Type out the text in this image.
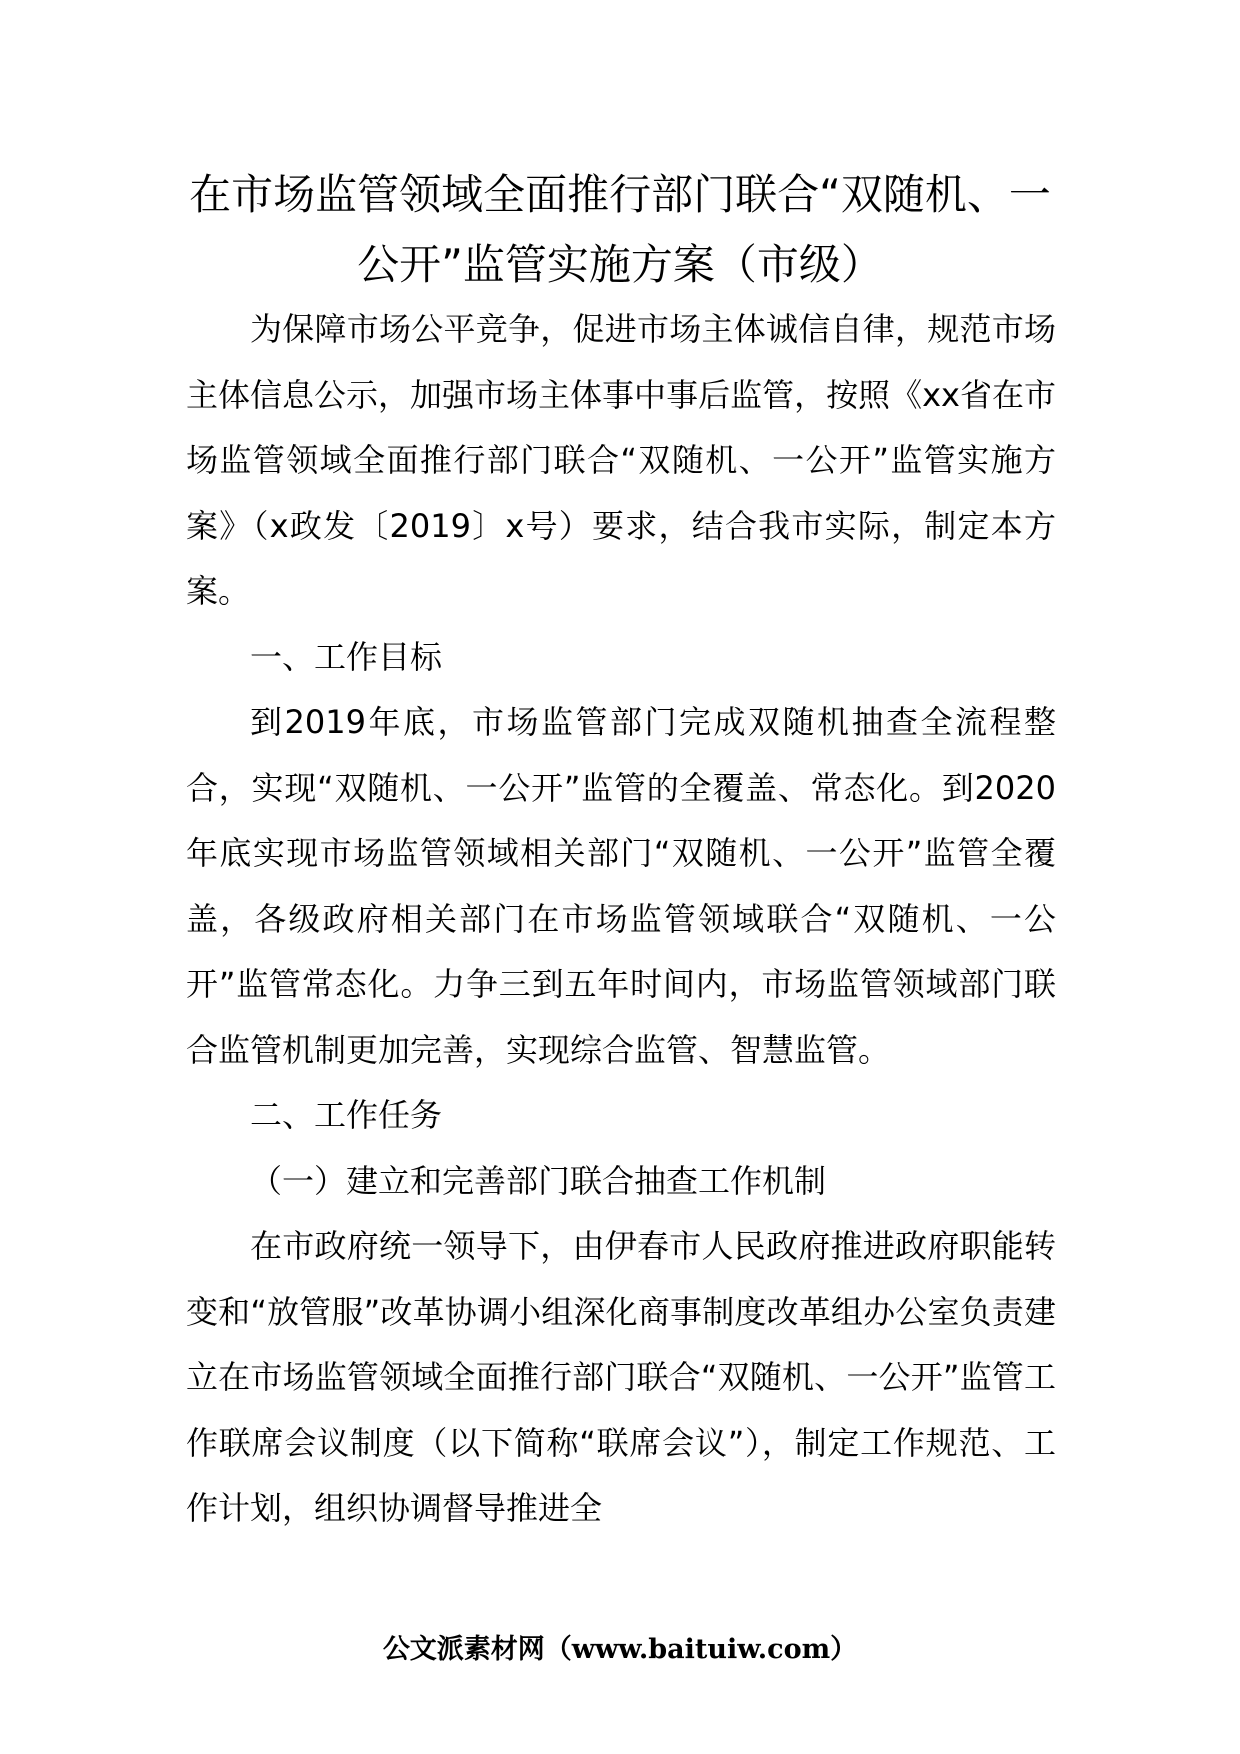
在市场监管领域全面推行部门联合“双随机、一公开”监管实施方案（市级）

为保障市场公平竞争，促进市场主体诚信自律，规范市场主体信息公示，加强市场主体事中事后监管，按照《xx省在市场监管领域全面推行部门联合“双随机、一公开”监管实施方案》（x政发〔2019〕x号）要求，结合我市实际，制定本方案。

一、工作目标

到2019年底，市场监管部门完成双随机抽查全流程整合，实现“双随机、一公开”监管的全覆盖、常态化。到2020年底实现市场监管领域相关部门“双随机、一公开”监管全覆盖，各级政府相关部门在市场监管领域联合“双随机、一公开”监管常态化。力争三到五年时间内，市场监管领域部门联合监管机制更加完善，实现综合监管、智慧监管。

二、工作任务

（一）建立和完善部门联合抽查工作机制

在市政府统一领导下，由伊春市人民政府推进政府职能转变和“放管服”改革协调小组深化商事制度改革组办公室负责建立在市场监管领域全面推行部门联合“双随机、一公开”监管工作联席会议制度（以下简称“联席会议”），制定工作规范、工作计划，组织协调督导推进全

公文派素材网（www.baituiw.com）
